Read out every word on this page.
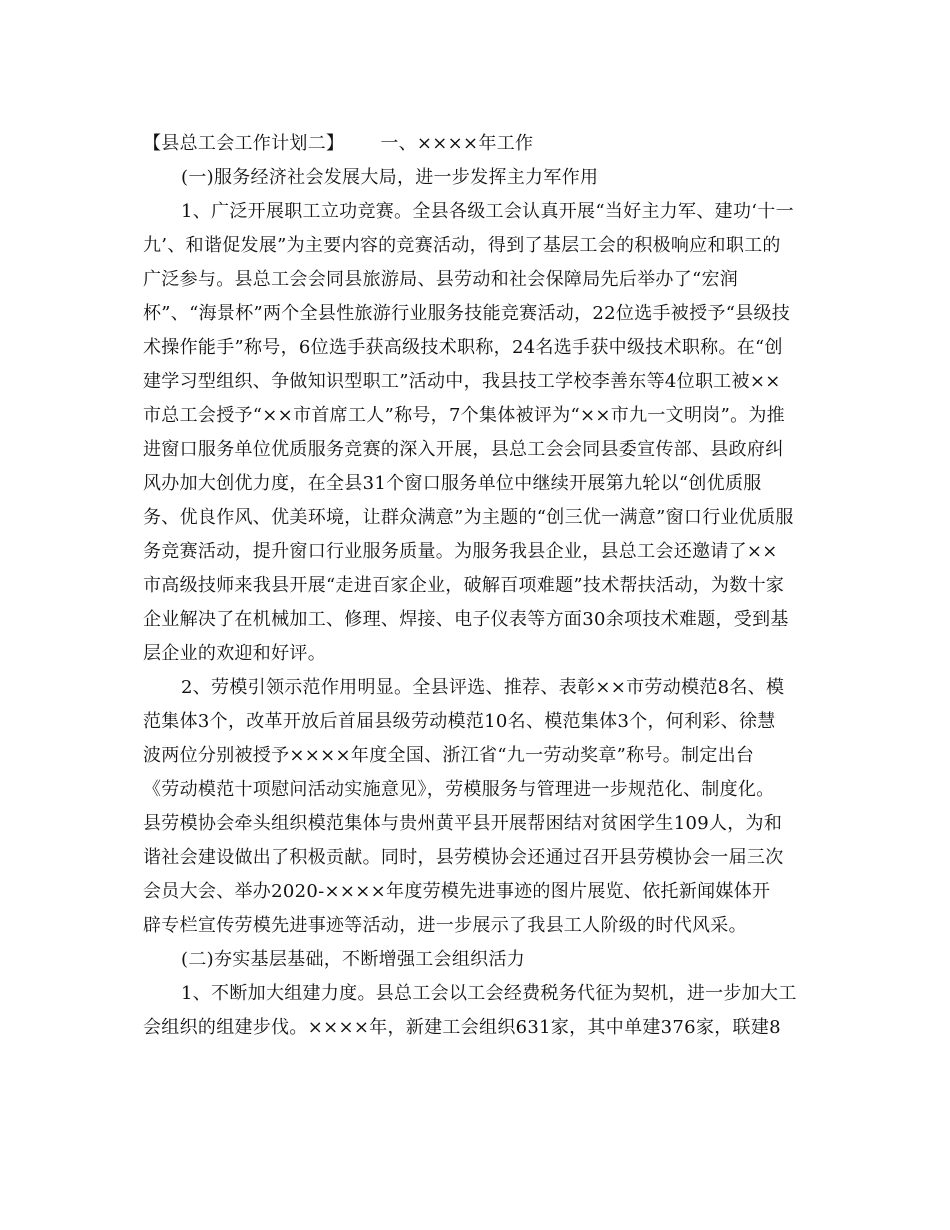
【县总工会工作计划二】 一、××××年工作
(一)服务经济社会发展大局，进一步发挥主力军作用
1、广泛开展职工立功竞赛。全县各级工会认真开展“当好主力军、建功‘十一
九’、和谐促发展”为主要内容的竞赛活动，得到了基层工会的积极响应和职工的
广泛参与。县总工会会同县旅游局、县劳动和社会保障局先后举办了“宏润
杯”、“海景杯”两个全县性旅游行业服务技能竞赛活动，22位选手被授予“县级技
术操作能手”称号，6位选手获高级技术职称，24名选手获中级技术职称。在“创
建学习型组织、争做知识型职工”活动中，我县技工学校李善东等4位职工被××
市总工会授予“××市首席工人”称号，7个集体被评为“××市九一文明岗”。为推
进窗口服务单位优质服务竞赛的深入开展，县总工会会同县委宣传部、县政府纠
风办加大创优力度，在全县31个窗口服务单位中继续开展第九轮以“创优质服
务、优良作风、优美环境，让群众满意”为主题的“创三优一满意”窗口行业优质服
务竞赛活动，提升窗口行业服务质量。为服务我县企业，县总工会还邀请了××
市高级技师来我县开展“走进百家企业，破解百项难题”技术帮扶活动，为数十家
企业解决了在机械加工、修理、焊接、电子仪表等方面30余项技术难题，受到基
层企业的欢迎和好评。
2、劳模引领示范作用明显。全县评选、推荐、表彰××市劳动模范8名、模
范集体3个，改革开放后首届县级劳动模范10名、模范集体3个，何利彩、徐慧
波两位分别被授予××××年度全国、浙江省“九一劳动奖章”称号。制定出台
《劳动模范十项慰问活动实施意见》，劳模服务与管理进一步规范化、制度化。
县劳模协会牵头组织模范集体与贵州黄平县开展帮困结对贫困学生109人，为和
谐社会建设做出了积极贡献。同时，县劳模协会还通过召开县劳模协会一届三次
会员大会、举办2020-××××年度劳模先进事迹的图片展览、依托新闻媒体开
辟专栏宣传劳模先进事迹等活动，进一步展示了我县工人阶级的时代风采。
(二)夯实基层基础，不断增强工会组织活力
1、不断加大组建力度。县总工会以工会经费税务代征为契机，进一步加大工
会组织的组建步伐。××××年，新建工会组织631家，其中单建376家，联建8
